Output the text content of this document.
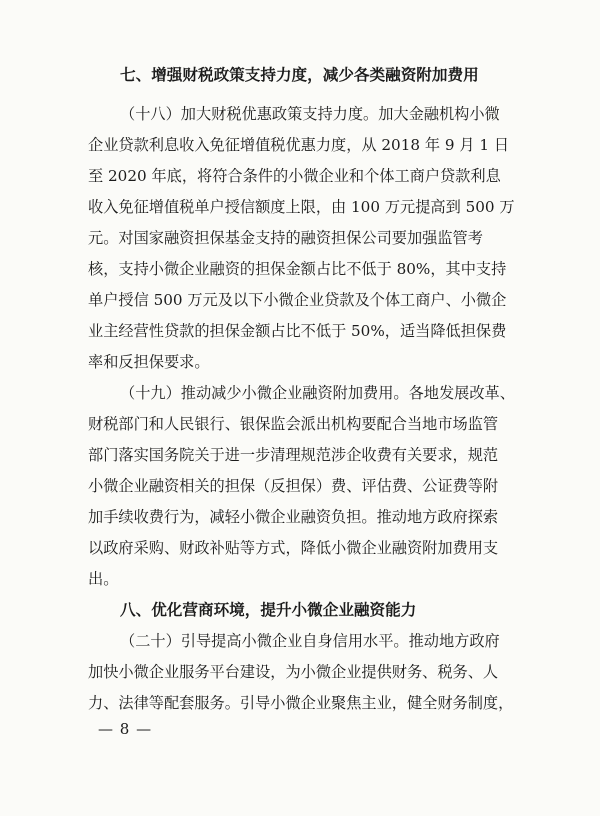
七、增强财税政策支持力度，减少各类融资附加费用
（十八）加大财税优惠政策支持力度。加大金融机构小微
企业贷款利息收入免征增值税优惠力度，从 2018 年 9 月 1 日
至 2020 年底，将符合条件的小微企业和个体工商户贷款利息
收入免征增值税单户授信额度上限，由 100 万元提高到 500 万
元。对国家融资担保基金支持的融资担保公司要加强监管考
核，支持小微企业融资的担保金额占比不低于 80%，其中支持
单户授信 500 万元及以下小微企业贷款及个体工商户、小微企
业主经营性贷款的担保金额占比不低于 50%，适当降低担保费
率和反担保要求。
（十九）推动减少小微企业融资附加费用。各地发展改革、
财税部门和人民银行、银保监会派出机构要配合当地市场监管
部门落实国务院关于进一步清理规范涉企收费有关要求，规范
小微企业融资相关的担保（反担保）费、评估费、公证费等附
加手续收费行为，减轻小微企业融资负担。推动地方政府探索
以政府采购、财政补贴等方式，降低小微企业融资附加费用支
出。
八、优化营商环境，提升小微企业融资能力
（二十）引导提高小微企业自身信用水平。推动地方政府
加快小微企业服务平台建设，为小微企业提供财务、税务、人
力、法律等配套服务。引导小微企业聚焦主业，健全财务制度，
— 8 —
